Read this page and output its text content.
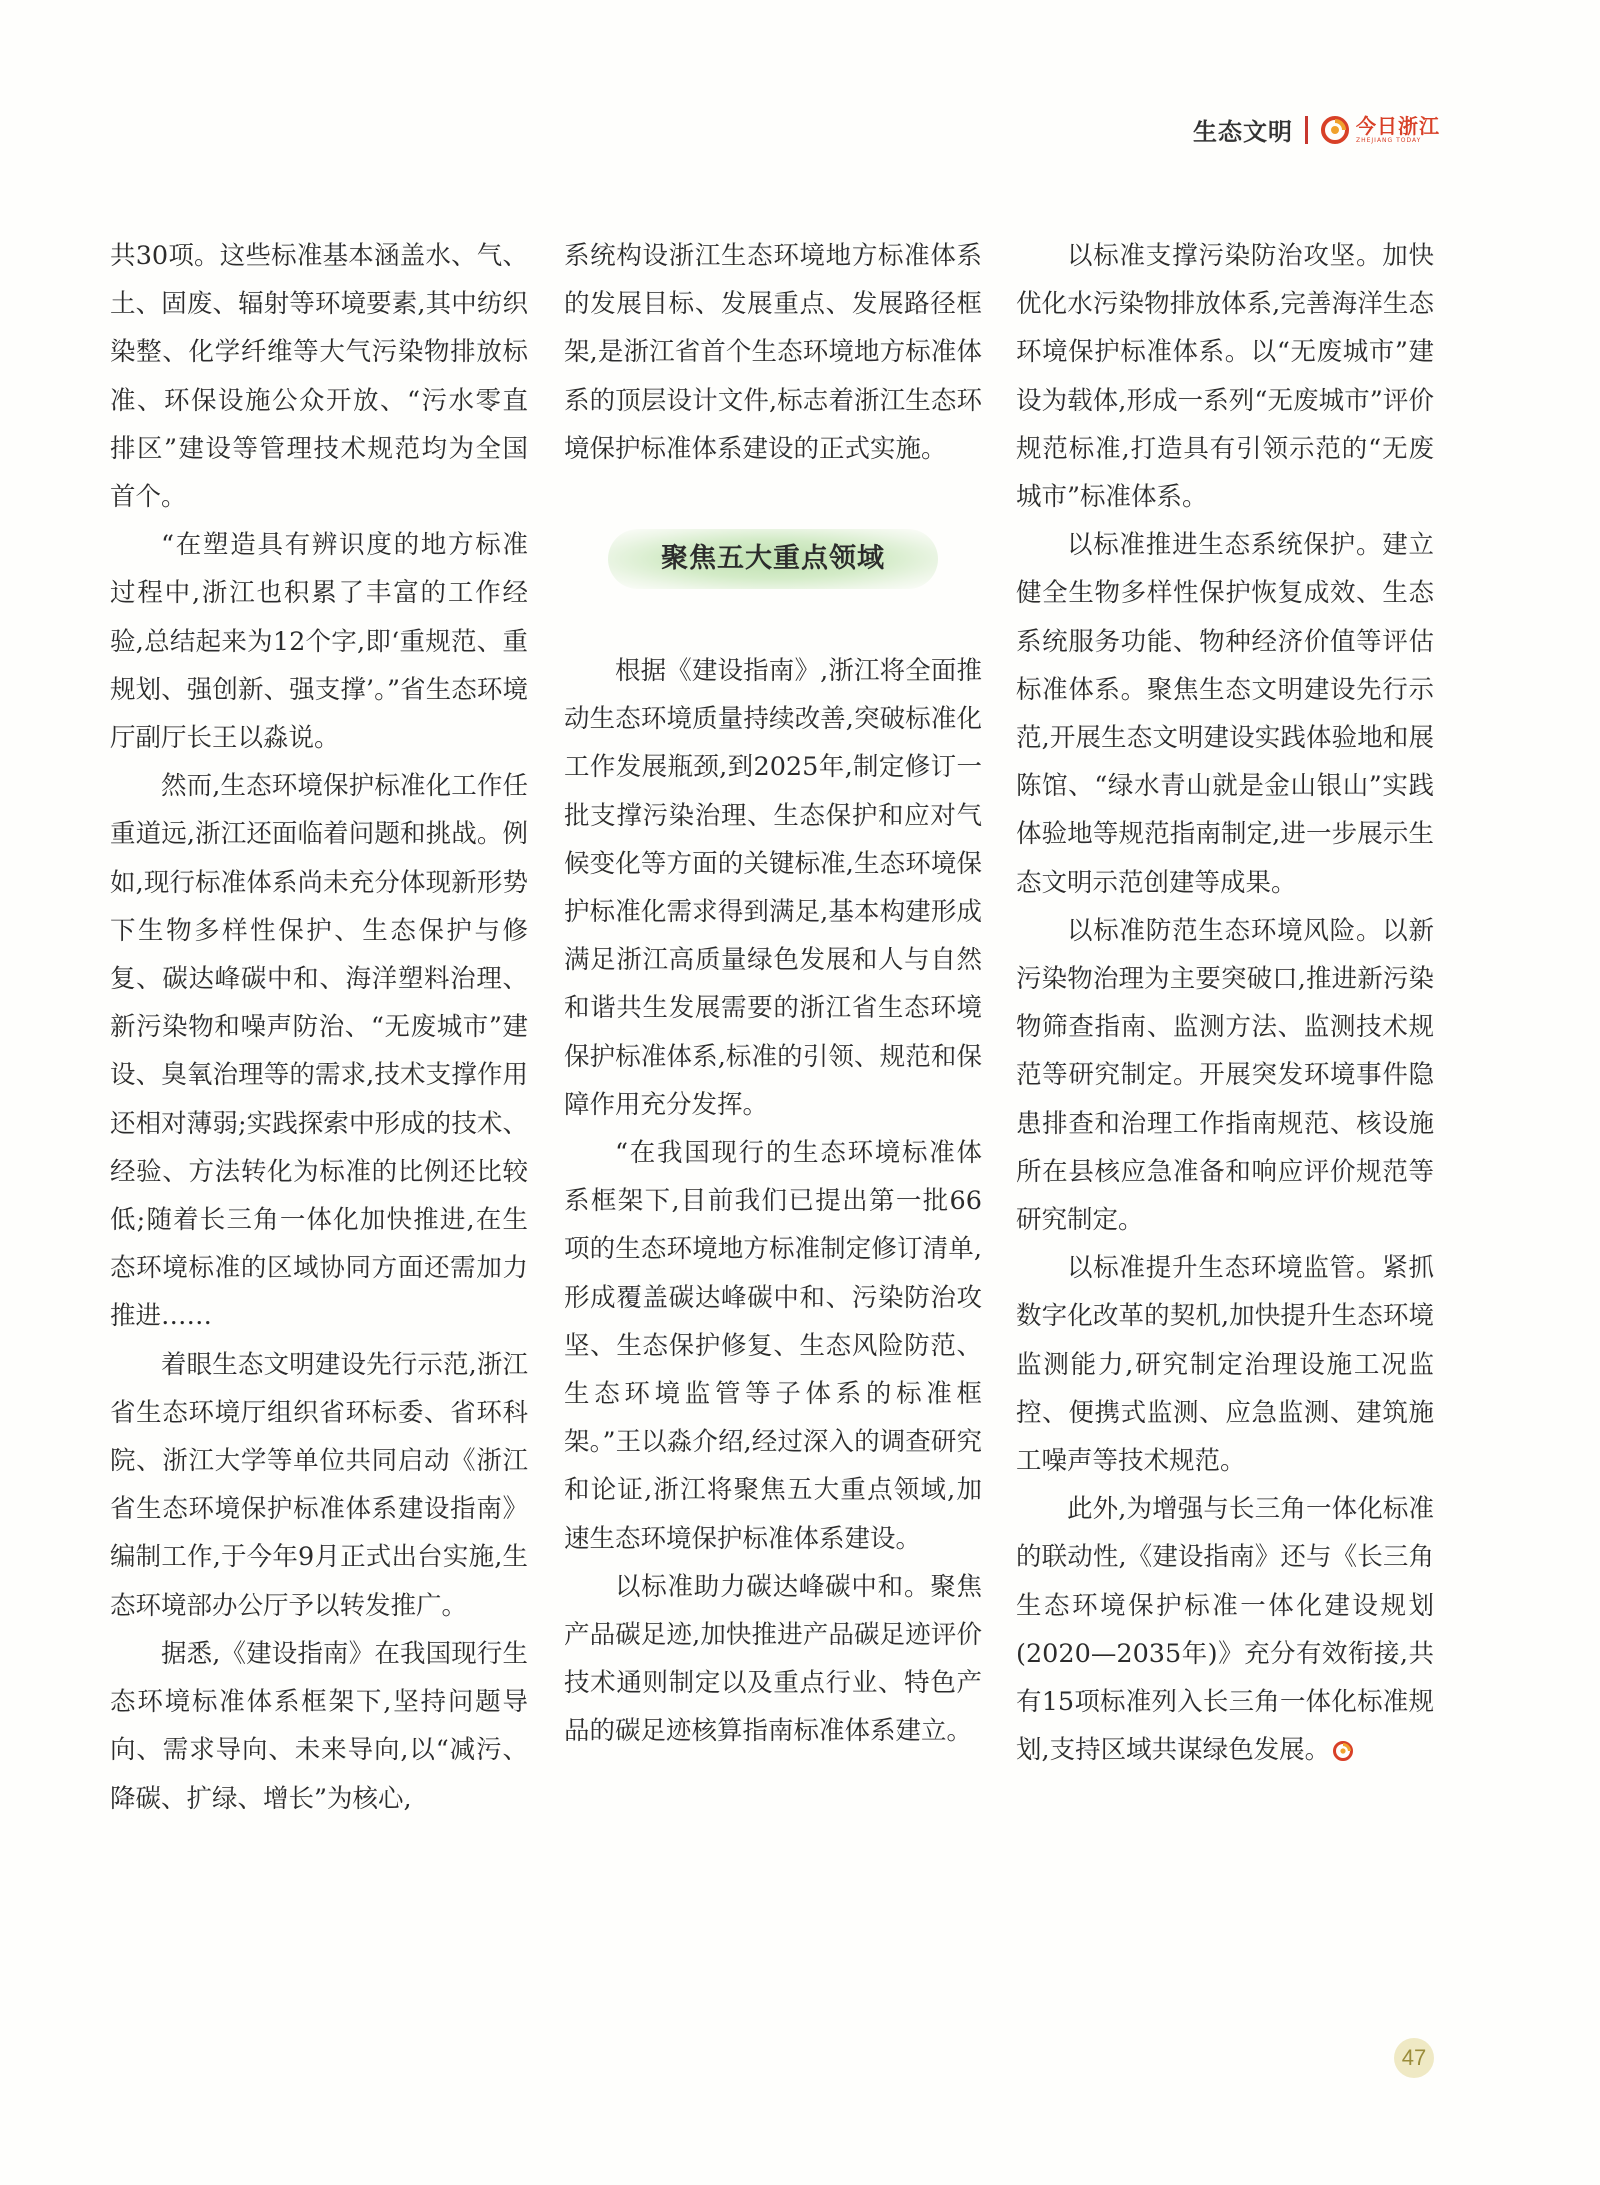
生态文明	今日浙江
ZHEJIANG TODAY

共30项。这些标准基本涵盖水、气、土、固废、辐射等环境要素,其中纺织染整、化学纤维等大气污染物排放标准、环保设施公众开放、“污水零直排区”建设等管理技术规范均为全国首个。

“在塑造具有辨识度的地方标准过程中,浙江也积累了丰富的工作经验,总结起来为12个字,即‘重规范、重规划、强创新、强支撑’。”省生态环境厅副厅长王以淼说。

然而,生态环境保护标准化工作任重道远,浙江还面临着问题和挑战。例如,现行标准体系尚未充分体现新形势下生物多样性保护、生态保护与修复、碳达峰碳中和、海洋塑料治理、新污染物和噪声防治、“无废城市”建设、臭氧治理等的需求,技术支撑作用还相对薄弱;实践探索中形成的技术、经验、方法转化为标准的比例还比较低;随着长三角一体化加快推进,在生态环境标准的区域协同方面还需加力推进……

着眼生态文明建设先行示范,浙江省生态环境厅组织省环标委、省环科院、浙江大学等单位共同启动《浙江省生态环境保护标准体系建设指南》编制工作,于今年9月正式出台实施,生态环境部办公厅予以转发推广。

据悉,《建设指南》在我国现行生态环境标准体系框架下,坚持问题导向、需求导向、未来导向,以“减污、降碳、扩绿、增长”为核心,

系统构设浙江生态环境地方标准体系的发展目标、发展重点、发展路径框架,是浙江省首个生态环境地方标准体系的顶层设计文件,标志着浙江生态环境保护标准体系建设的正式实施。

聚焦五大重点领域

根据《建设指南》,浙江将全面推动生态环境质量持续改善,突破标准化工作发展瓶颈,到2025年,制定修订一批支撑污染治理、生态保护和应对气候变化等方面的关键标准,生态环境保护标准化需求得到满足,基本构建形成满足浙江高质量绿色发展和人与自然和谐共生发展需要的浙江省生态环境保护标准体系,标准的引领、规范和保障作用充分发挥。

“在我国现行的生态环境标准体系框架下,目前我们已提出第一批66项的生态环境地方标准制定修订清单,形成覆盖碳达峰碳中和、污染防治攻坚、生态保护修复、生态风险防范、生态环境监管等子体系的标准框架。”王以淼介绍,经过深入的调查研究和论证,浙江将聚焦五大重点领域,加速生态环境保护标准体系建设。

以标准助力碳达峰碳中和。聚焦产品碳足迹,加快推进产品碳足迹评价技术通则制定以及重点行业、特色产品的碳足迹核算指南标准体系建立。

以标准支撑污染防治攻坚。加快优化水污染物排放体系,完善海洋生态环境保护标准体系。以“无废城市”建设为载体,形成一系列“无废城市”评价规范标准,打造具有引领示范的“无废城市”标准体系。

以标准推进生态系统保护。建立健全生物多样性保护恢复成效、生态系统服务功能、物种经济价值等评估标准体系。聚焦生态文明建设先行示范,开展生态文明建设实践体验地和展陈馆、“绿水青山就是金山银山”实践体验地等规范指南制定,进一步展示生态文明示范创建等成果。

以标准防范生态环境风险。以新污染物治理为主要突破口,推进新污染物筛查指南、监测方法、监测技术规范等研究制定。开展突发环境事件隐患排查和治理工作指南规范、核设施所在县核应急准备和响应评价规范等研究制定。

以标准提升生态环境监管。紧抓数字化改革的契机,加快提升生态环境监测能力,研究制定治理设施工况监控、便携式监测、应急监测、建筑施工噪声等技术规范。

此外,为增强与长三角一体化标准的联动性,《建设指南》还与《长三角生态环境保护标准一体化建设规划(2020—2035年)》充分有效衔接,共有15项标准列入长三角一体化标准规划,支持区域共谋绿色发展。

47
